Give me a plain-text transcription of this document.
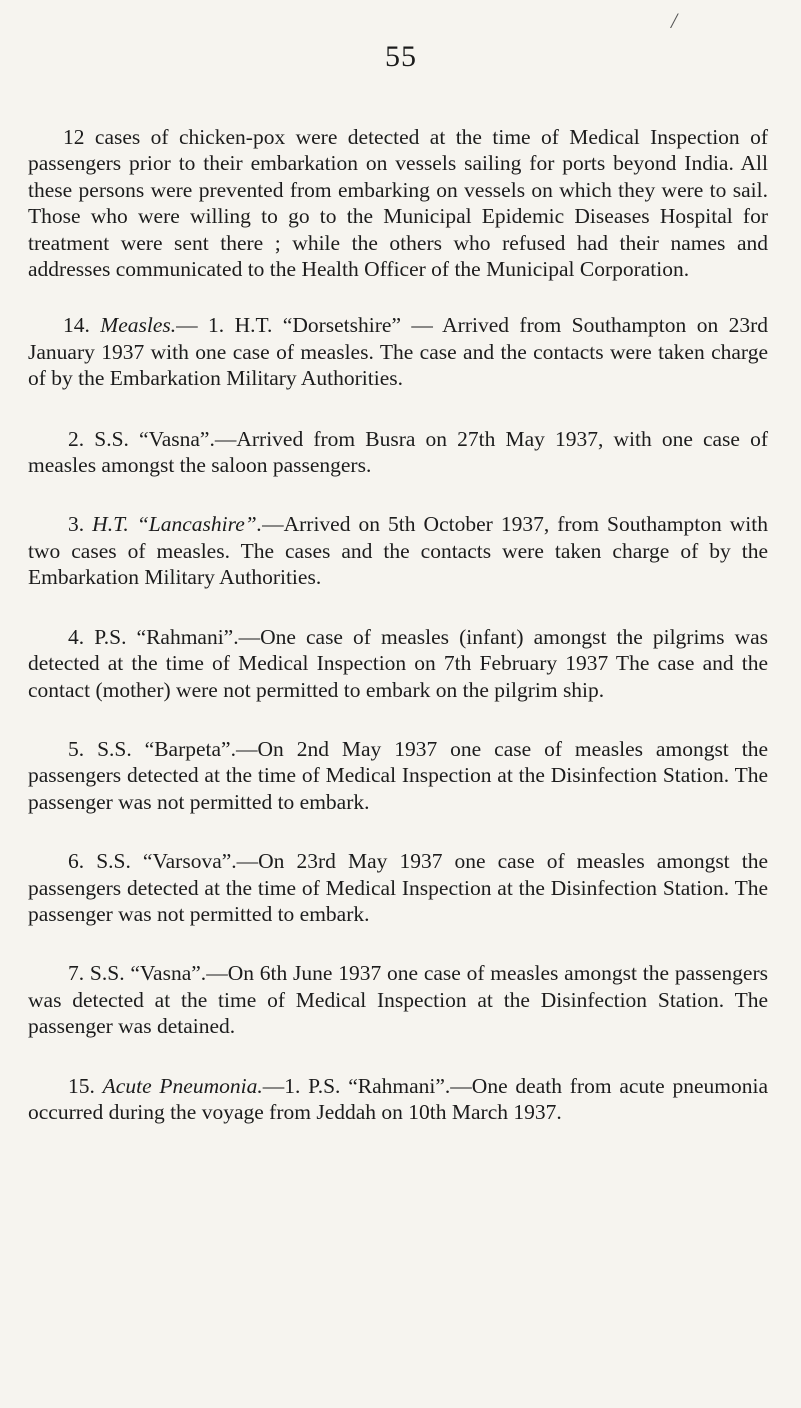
/
55

12 cases of chicken-pox were detected at the time of Medical Inspection of passengers prior to their embarkation on vessels sailing for ports beyond India. All these persons were prevented from embarking on vessels on which they were to sail. Those who were willing to go to the Municipal Epidemic Diseases Hospital for treatment were sent there ; while the others who refused had their names and addresses communicated to the Health Officer of the Municipal Corporation.

14. Measles.— 1. H.T. “Dorsetshire” — Arrived from Southampton on 23rd January 1937 with one case of measles. The case and the contacts were taken charge of by the Embarkation Military Authorities.

2. S.S. “Vasna”.—Arrived from Busra on 27th May 1937, with one case of measles amongst the saloon passengers.

3. H.T. “Lancashire”.—Arrived on 5th October 1937, from Southampton with two cases of measles. The cases and the contacts were taken charge of by the Embarkation Military Authorities.

4. P.S. “Rahmani”.—One case of measles (infant) amongst the pilgrims was detected at the time of Medical Inspection on 7th February 1937 The case and the contact (mother) were not permitted to embark on the pilgrim ship.

5. S.S. “Barpeta”.—On 2nd May 1937 one case of measles amongst the passengers detected at the time of Medical Inspection at the Disinfection Station. The passenger was not permitted to embark.

6. S.S. “Varsova”.—On 23rd May 1937 one case of measles amongst the passengers detected at the time of Medical Inspection at the Disinfection Station. The passenger was not permitted to embark.

7. S.S. “Vasna”.—On 6th June 1937 one case of measles amongst the passengers was detected at the time of Medical Inspection at the Disinfection Station. The passenger was detained.

15. Acute Pneumonia.—1. P.S. “Rahmani”.—One death from acute pneumonia occurred during the voyage from Jeddah on 10th March 1937.
